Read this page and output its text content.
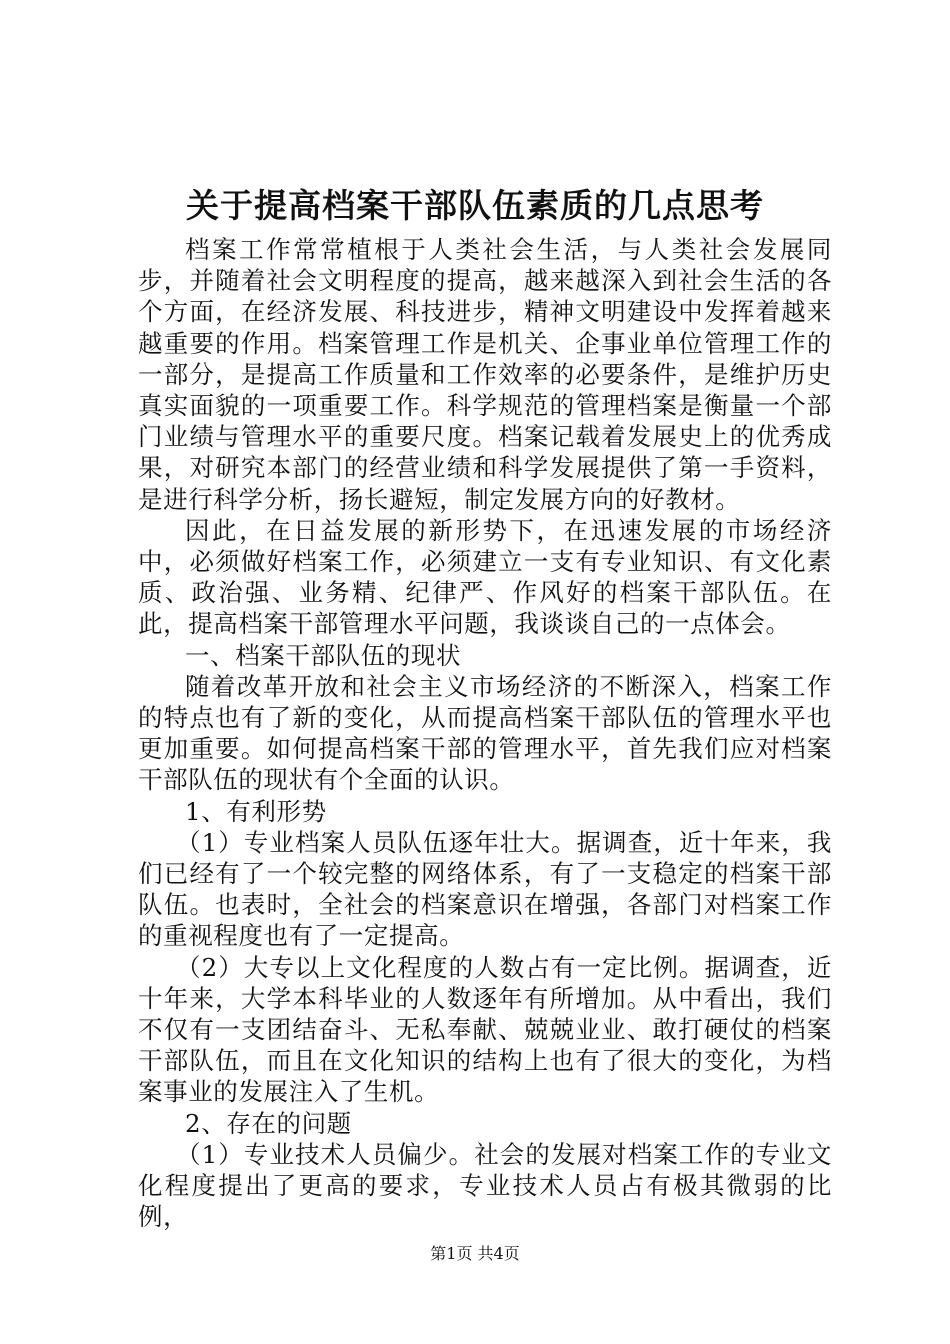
关于提高档案干部队伍素质的几点思考

档案工作常常植根于人类社会生活，与人类社会发展同步，并随着社会文明程度的提高，越来越深入到社会生活的各个方面，在经济发展、科技进步，精神文明建设中发挥着越来越重要的作用。档案管理工作是机关、企事业单位管理工作的一部分，是提高工作质量和工作效率的必要条件，是维护历史真实面貌的一项重要工作。科学规范的管理档案是衡量一个部门业绩与管理水平的重要尺度。档案记载着发展史上的优秀成果，对研究本部门的经营业绩和科学发展提供了第一手资料，是进行科学分析，扬长避短，制定发展方向的好教材。

因此，在日益发展的新形势下，在迅速发展的市场经济中，必须做好档案工作，必须建立一支有专业知识、有文化素质、政治强、业务精、纪律严、作风好的档案干部队伍。在此，提高档案干部管理水平问题，我谈谈自己的一点体会。

一、档案干部队伍的现状

随着改革开放和社会主义市场经济的不断深入，档案工作的特点也有了新的变化，从而提高档案干部队伍的管理水平也更加重要。如何提高档案干部的管理水平，首先我们应对档案干部队伍的现状有个全面的认识。

1、有利形势

（1）专业档案人员队伍逐年壮大。据调查，近十年来，我们已经有了一个较完整的网络体系，有了一支稳定的档案干部队伍。也表时，全社会的档案意识在增强，各部门对档案工作的重视程度也有了一定提高。

（2）大专以上文化程度的人数占有一定比例。据调查，近十年来，大学本科毕业的人数逐年有所增加。从中看出，我们不仅有一支团结奋斗、无私奉献、兢兢业业、敢打硬仗的档案干部队伍，而且在文化知识的结构上也有了很大的变化，为档案事业的发展注入了生机。

2、存在的问题

（1）专业技术人员偏少。社会的发展对档案工作的专业文化程度提出了更高的要求，专业技术人员占有极其微弱的比例，

第1页 共4页
